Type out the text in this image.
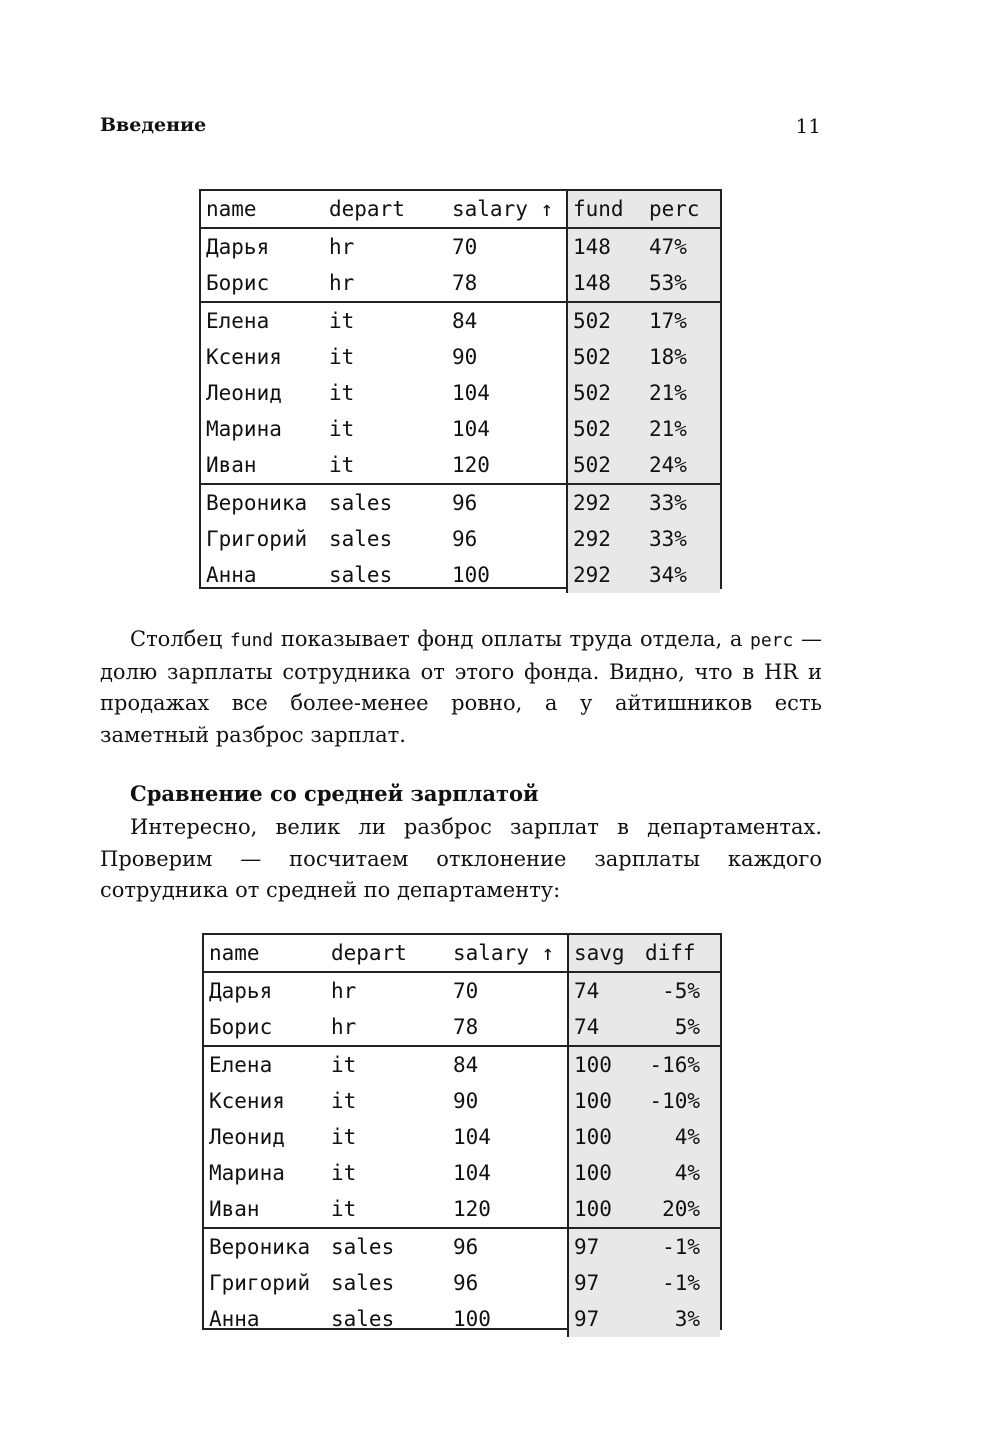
Введение	11
name	depart	salary ↑	fund	perc
Дарья	hr	70	148	47%
Борис	hr	78	148	53%
Елена	it	84	502	17%
Ксения	it	90	502	18%
Леонид	it	104	502	21%
Марина	it	104	502	21%
Иван	it	120	502	24%
Вероника	sales	96	292	33%
Григорий	sales	96	292	33%
Анна	sales	100	292	34%
Столбец fund показывает фонд оплаты труда отдела, а perc — долю зарплаты сотрудника от этого фонда. Видно, что в HR и продажах все более-менее ровно, а у айтишников есть заметный разброс зарплат.
Сравнение со средней зарплатой
Интересно, велик ли разброс зарплат в департаментах. Проверим — посчитаем отклонение зарплаты каждого сотрудника от средней по департаменту:
name	depart	salary ↑	savg	diff
Дарья	hr	70	74	-5%
Борис	hr	78	74	5%
Елена	it	84	100	-16%
Ксения	it	90	100	-10%
Леонид	it	104	100	4%
Марина	it	104	100	4%
Иван	it	120	100	20%
Вероника	sales	96	97	-1%
Григорий	sales	96	97	-1%
Анна	sales	100	97	3%
